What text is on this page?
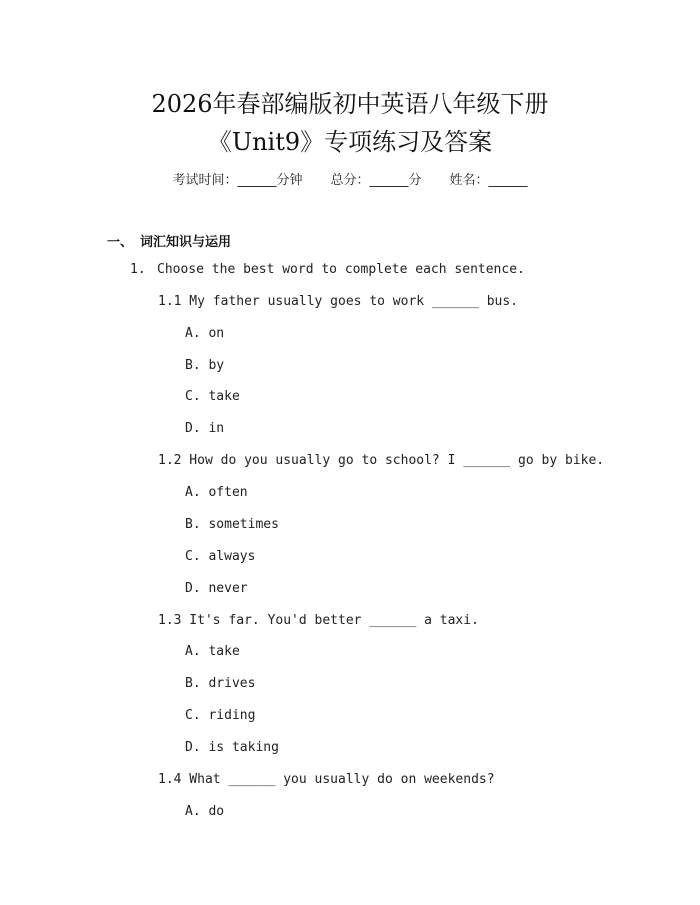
2026年春部编版初中英语八年级下册
《Unit9》专项练习及答案
考试时间：______分钟 总分：______分 姓名：______
一、 词汇知识与运用
1. Choose the best word to complete each sentence.
1.1 My father usually goes to work ______ bus.
A. on
B. by
C. take
D. in
1.2 How do you usually go to school? I ______ go by bike.
A. often
B. sometimes
C. always
D. never
1.3 It's far. You'd better ______ a taxi.
A. take
B. drives
C. riding
D. is taking
1.4 What ______ you usually do on weekends?
A. do
